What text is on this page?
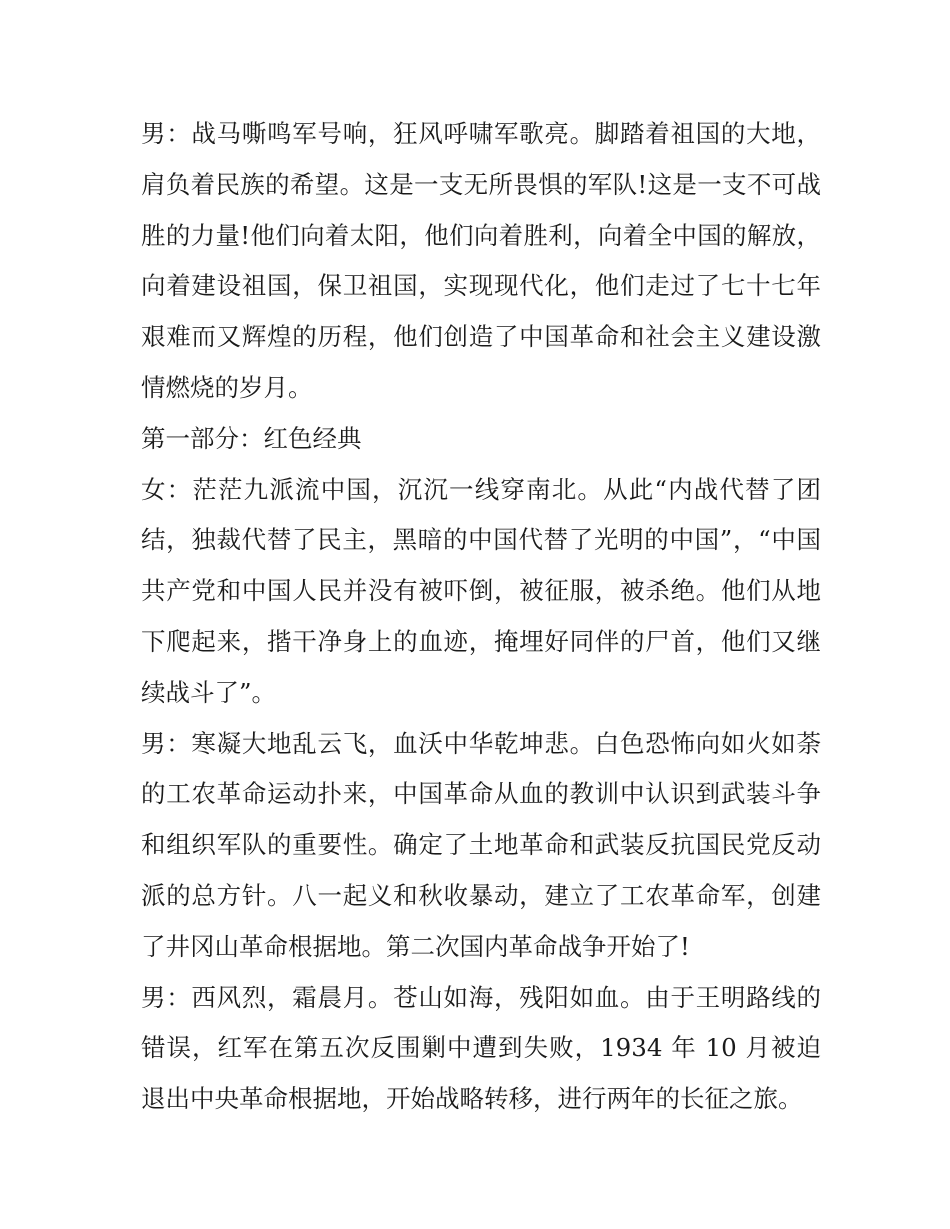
男：战马嘶鸣军号响，狂风呼啸军歌亮。脚踏着祖国的大地，肩负着民族的希望。这是一支无所畏惧的军队!这是一支不可战胜的力量!他们向着太阳，他们向着胜利，向着全中国的解放，向着建设祖国，保卫祖国，实现现代化，他们走过了七十七年艰难而又辉煌的历程，他们创造了中国革命和社会主义建设激情燃烧的岁月。

第一部分：红色经典

女：茫茫九派流中国，沉沉一线穿南北。从此“内战代替了团结，独裁代替了民主，黑暗的中国代替了光明的中国”，“中国共产党和中国人民并没有被吓倒，被征服，被杀绝。他们从地下爬起来，揩干净身上的血迹，掩埋好同伴的尸首，他们又继续战斗了”。

男：寒凝大地乱云飞，血沃中华乾坤悲。白色恐怖向如火如荼的工农革命运动扑来，中国革命从血的教训中认识到武装斗争和组织军队的重要性。确定了土地革命和武装反抗国民党反动派的总方针。八一起义和秋收暴动，建立了工农革命军，创建了井冈山革命根据地。第二次国内革命战争开始了!

男：西风烈，霜晨月。苍山如海，残阳如血。由于王明路线的错误，红军在第五次反围剿中遭到失败，1934 年 10 月被迫退出中央革命根据地，开始战略转移，进行两年的长征之旅。
